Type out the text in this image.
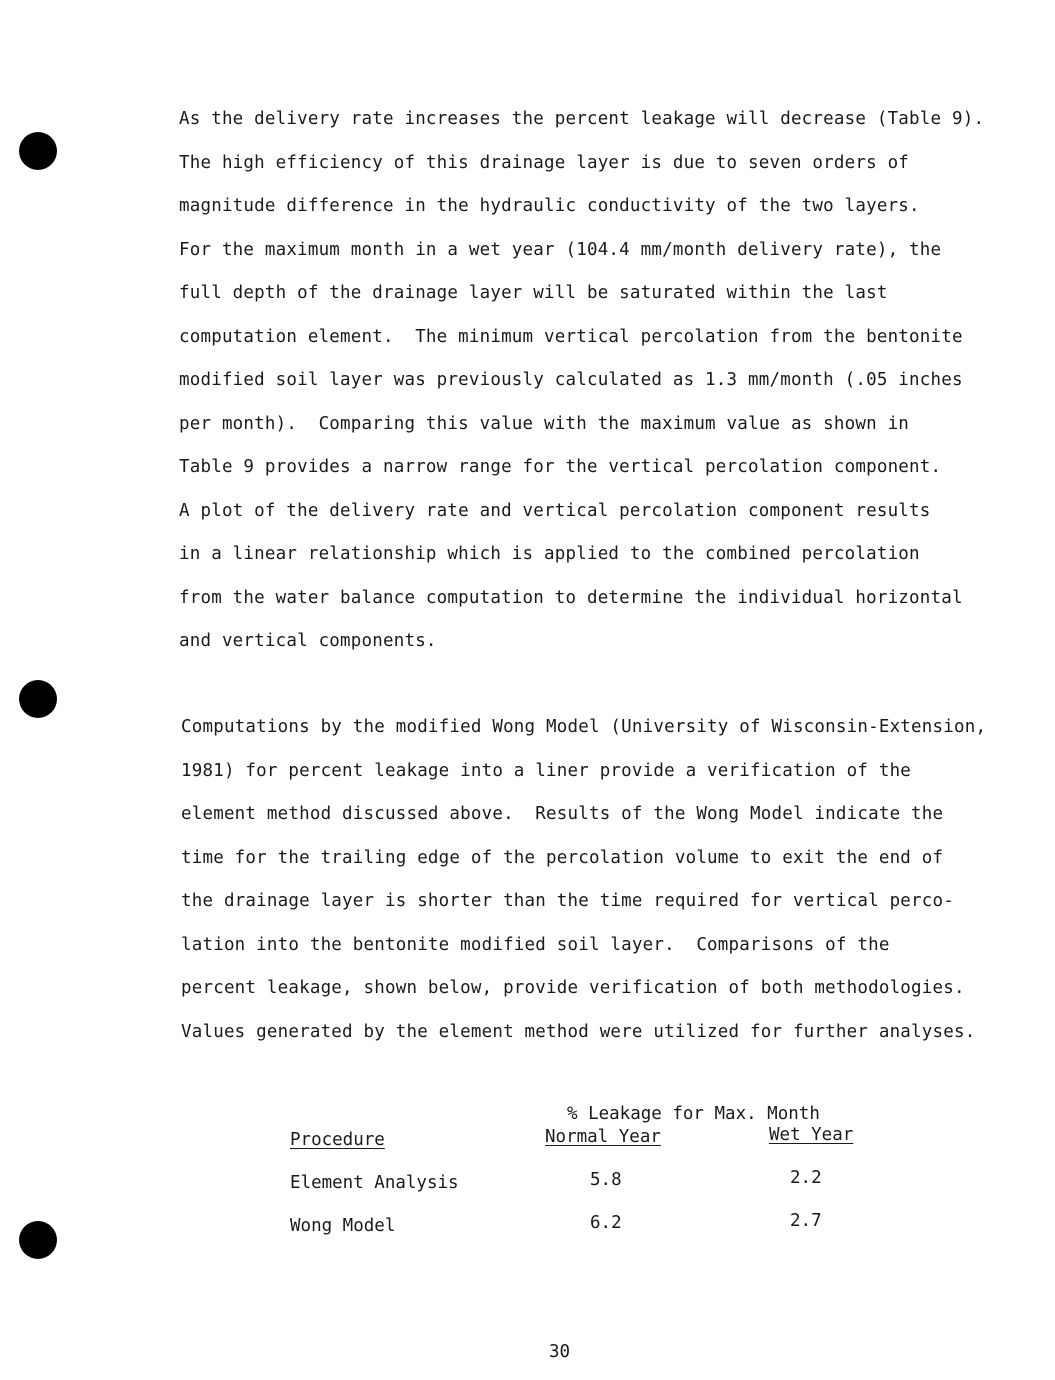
As the delivery rate increases the percent leakage will decrease (Table 9).
The high efficiency of this drainage layer is due to seven orders of
magnitude difference in the hydraulic conductivity of the two layers.
For the maximum month in a wet year (104.4 mm/month delivery rate), the
full depth of the drainage layer will be saturated within the last
computation element.  The minimum vertical percolation from the bentonite
modified soil layer was previously calculated as 1.3 mm/month (.05 inches
per month).  Comparing this value with the maximum value as shown in
Table 9 provides a narrow range for the vertical percolation component.
A plot of the delivery rate and vertical percolation component results
in a linear relationship which is applied to the combined percolation
from the water balance computation to determine the individual horizontal
and vertical components.
Computations by the modified Wong Model (University of Wisconsin-Extension,
1981) for percent leakage into a liner provide a verification of the
element method discussed above.  Results of the Wong Model indicate the
time for the trailing edge of the percolation volume to exit the end of
the drainage layer is shorter than the time required for vertical perco-
lation into the bentonite modified soil layer.  Comparisons of the
percent leakage, shown below, provide verification of both methodologies.
Values generated by the element method were utilized for further analyses.
% Leakage for Max. Month
Procedure	Normal Year	Wet Year
Element Analysis	5.8	2.2
Wong Model	6.2	2.7
30
